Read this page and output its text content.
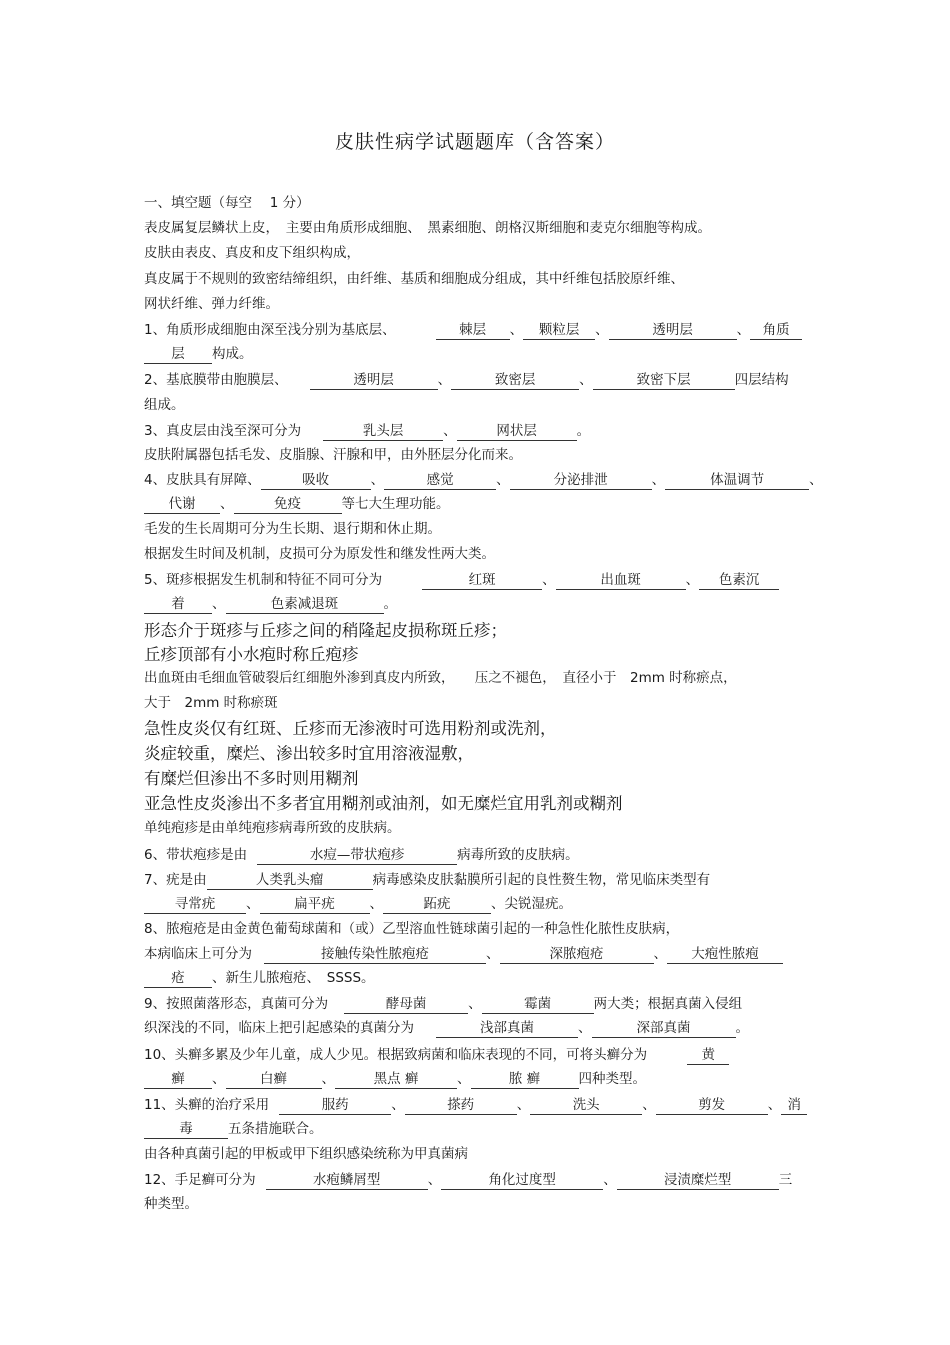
皮肤性病学试题题库（含答案）
一、填空题（每空　 1 分）
表皮属复层鳞状上皮，　主要由角质形成细胞、　黑素细胞、朗格汉斯细胞和麦克尔细胞等构成。
皮肤由表皮、真皮和皮下组织构成，
真皮属于不规则的致密结缔组织，由纤维、基质和细胞成分组成，其中纤维包括胶原纤维、
网状纤维、弹力纤维。
1、角质形成细胞由深至浅分别为基底层、	棘层 、 颗粒层 、	透明层	、 角质
层 构成。
2、基底膜带由胞膜层、	透明层	、	致密层	、	致密下层	四层结构
组成。
3、真皮层由浅至深可分为	乳头层	、	网状层	。
皮肤附属器包括毛发、皮脂腺、汗腺和甲，由外胚层分化而来。
4、皮肤具有屏障、	吸收	、	感觉	、	分泌排泄	、	体温调节	、
代谢 、	免疫	等七大生理功能。
毛发的生长周期可分为生长期、退行期和休止期。
根据发生时间及机制，皮损可分为原发性和继发性两大类。
5、斑疹根据发生机制和特征不同可分为	红斑	、	出血斑	、 色素沉
着 、	色素减退斑	。
形态介于斑疹与丘疹之间的稍隆起皮损称斑丘疹；
丘疹顶部有小水疱时称丘疱疹
出血斑由毛细血管破裂后红细胞外渗到真皮内所致，　　压之不褪色，　直径小于　2mm 时称瘀点，
大于　2mm 时称瘀斑
急性皮炎仅有红斑、丘疹而无渗液时可选用粉剂或洗剂，
炎症较重，糜烂、渗出较多时宜用溶液湿敷，
有糜烂但渗出不多时则用糊剂
亚急性皮炎渗出不多者宜用糊剂或油剂，如无糜烂宜用乳剂或糊剂
单纯疱疹是由单纯疱疹病毒所致的皮肤病。
6、带状疱疹是由	水痘—带状疱疹	病毒所致的皮肤病。
7、疣是由	人类乳头瘤	病毒感染皮肤黏膜所引起的良性赘生物，常见临床类型有
寻常疣 、	扁平疣	、	跖疣	、尖锐湿疣。
8、脓疱疮是由金黄色葡萄球菌和（或）乙型溶血性链球菌引起的一种急性化脓性皮肤病，
本病临床上可分为	接触传染性脓疱疮	、	深脓疱疮	、 大疱性脓疱
疮 、新生儿脓疱疮、　SSSS。
9、按照菌落形态，真菌可分为	酵母菌	、	霉菌	两大类；根据真菌入侵组
织深浅的不同，临床上把引起感染的真菌分为	浅部真菌	、	深部真菌	。
10、头癣多累及少年儿童，成人少见。根据致病菌和临床表现的不同，可将头癣分为	黄
癣 、	白癣	、	黑点 癣	、	脓 癣	四种类型。
11、头癣的治疗采用	服药	、	搽药	、	洗头	、	剪发	、 消
毒	五条措施联合。
由各种真菌引起的甲板或甲下组织感染统称为甲真菌病
12、手足癣可分为	水疱鳞屑型	、	角化过度型	、	浸渍糜烂型	三
种类型。
